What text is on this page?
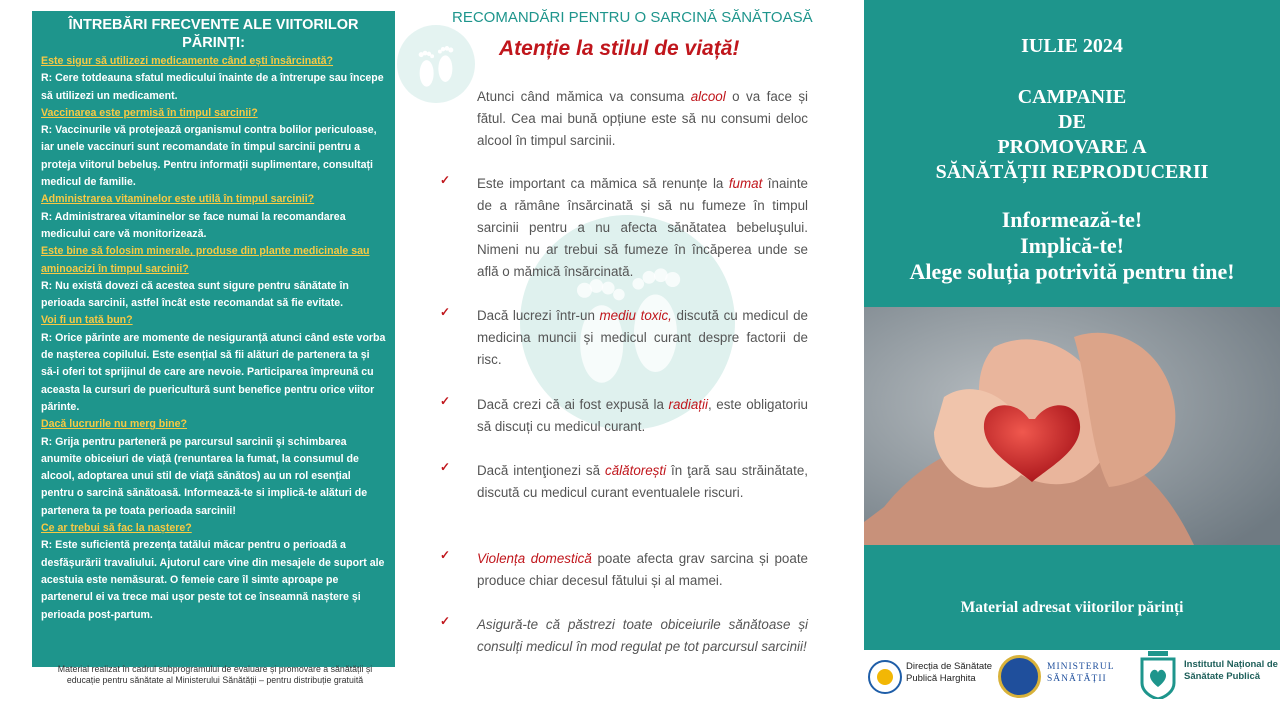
ÎNTREBĂRI FRECVENTE ALE VIITORILOR PĂRINȚI:
Este sigur să utilizezi medicamente când ești însărcinată?
R: Cere totdeauna sfatul medicului înainte de a întrerupe sau începe să utilizezi un medicament.
Vaccinarea este permisă în timpul sarcinii?
R: Vaccinurile vă protejează organismul contra bolilor periculoase, iar unele vaccinuri sunt recomandate în timpul sarcinii pentru a proteja viitorul bebeluș. Pentru informații suplimentare, consultați medicul de familie.
Administrarea vitaminelor este utilă în timpul sarcinii?
R: Administrarea vitaminelor se face numai la recomandarea medicului care vă monitorizează.
Este bine să folosim minerale, produse din plante medicinale sau aminoacizi în timpul sarcinii?
R: Nu există dovezi că acestea sunt sigure pentru sănătate în perioada sarcinii, astfel încât este recomandat să fie evitate.
Voi fi un tată bun?
R: Orice părinte are momente de nesiguranță atunci când este vorba de nașterea copilului. Este esențial să fii alături de partenera ta și să-i oferi tot sprijinul de care are nevoie. Participarea împreună cu aceasta la cursuri de puericultură sunt benefice pentru orice viitor părinte.
Dacă lucrurile nu merg bine?
R: Grija pentru parteneră pe parcursul sarcinii şi schimbarea anumite obiceiuri de viață (renuntarea la fumat, la consumul de alcool, adoptarea unui stil de viață sănătos) au un rol esențial pentru o sarcină sănătoasă. Informează-te si implică-te alături de partenera ta pe toata perioada sarcinii!
Ce ar trebui să fac la naștere?
R: Este suficientă prezența tatălui măcar pentru o perioadă a desfășurării travaliului. Ajutorul care vine din mesajele de suport ale acestuia este nemăsurat. O femeie care îl simte aproape pe partenerul ei va trece mai ușor peste tot ce înseamnă naștere și perioada post-partum.
Material realizat în cadrul subprogramului de evaluare și promovare a sănătății și educație pentru sănătate al Ministerului Sănătății – pentru distribuție gratuită
RECOMANDĂRI PENTRU O SARCINĂ SĂNĂTOASĂ
Atenție la stilul de viață!

Atunci când mămica va consuma alcool o va face și fătul. Cea mai bună opțiune este să nu consumi deloc alcool în timpul sarcinii.

✓ Este important ca mămica să renunțe la fumat înainte de a rămâne însărcinată și să nu fumeze în timpul sarcinii pentru a nu afecta sănătatea bebeluşului. Nimeni nu ar trebui să fumeze în încăperea unde se află o mămică însărcinată.

✓ Dacă lucrezi într-un mediu toxic, discută cu medicul de medicina muncii și medicul curant despre factorii de risc.

✓ Dacă crezi că ai fost expusă la radiații, este obligatoriu să discuți cu medicul curant.

✓ Dacă intenţionezi să călătorești în ţară sau străinătate, discută cu medicul curant eventualele riscuri.

✓ Violența domestică poate afecta grav sarcina și poate produce chiar decesul fătului și al mamei.

✓ Asigură-te că păstrezi toate obiceiurile sănătoase și consulți medicul în mod regulat pe tot parcursul sarcinii!

IULIE 2024
CAMPANIE
DE
PROMOVARE A
SĂNĂTĂȚII REPRODUCERII
Informează-te!
Implică-te!
Alege soluția potrivită pentru tine!
Material adresat viitorilor părinți
Direcția de Sănătate Publică Harghita
MINISTERUL SĂNĂTĂȚII
Institutul Național de Sănătate Publică
